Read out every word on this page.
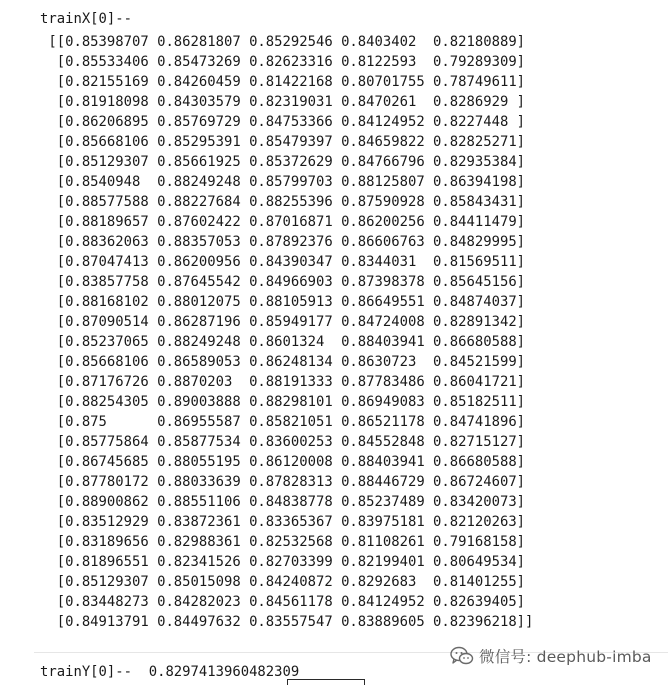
trainX[0]--
[[0.85398707 0.86281807 0.85292546 0.8403402  0.82180889]
[0.85533406 0.85473269 0.82623316 0.8122593  0.79289309]
[0.82155169 0.84260459 0.81422168 0.80701755 0.78749611]
[0.81918098 0.84303579 0.82319031 0.8470261  0.8286929 ]
[0.86206895 0.85769729 0.84753366 0.84124952 0.8227448 ]
[0.85668106 0.85295391 0.85479397 0.84659822 0.82825271]
[0.85129307 0.85661925 0.85372629 0.84766796 0.82935384]
[0.8540948  0.88249248 0.85799703 0.88125807 0.86394198]
[0.88577588 0.88227684 0.88255396 0.87590928 0.85843431]
[0.88189657 0.87602422 0.87016871 0.86200256 0.84411479]
[0.88362063 0.88357053 0.87892376 0.86606763 0.84829995]
[0.87047413 0.86200956 0.84390347 0.8344031  0.81569511]
[0.83857758 0.87645542 0.84966903 0.87398378 0.85645156]
[0.88168102 0.88012075 0.88105913 0.86649551 0.84874037]
[0.87090514 0.86287196 0.85949177 0.84724008 0.82891342]
[0.85237065 0.88249248 0.8601324  0.88403941 0.86680588]
[0.85668106 0.86589053 0.86248134 0.8630723  0.84521599]
[0.87176726 0.8870203  0.88191333 0.87783486 0.86041721]
[0.88254305 0.89003888 0.88298101 0.86949083 0.85182511]
[0.875      0.86955587 0.85821051 0.86521178 0.84741896]
[0.85775864 0.85877534 0.83600253 0.84552848 0.82715127]
[0.86745685 0.88055195 0.86120008 0.88403941 0.86680588]
[0.87780172 0.88033639 0.87828313 0.88446729 0.86724607]
[0.88900862 0.88551106 0.84838778 0.85237489 0.83420073]
[0.83512929 0.83872361 0.83365367 0.83975181 0.82120263]
[0.83189656 0.82988361 0.82532568 0.81108261 0.79168158]
[0.81896551 0.82341526 0.82703399 0.82199401 0.80649534]
[0.85129307 0.85015098 0.84240872 0.8292683  0.81401255]
[0.83448273 0.84282023 0.84561178 0.84124952 0.82639405]
[0.84913791 0.84497632 0.83557547 0.83889605 0.82396218]]
trainY[0]--  0.8297413960482309
微信号: deephub-imba
